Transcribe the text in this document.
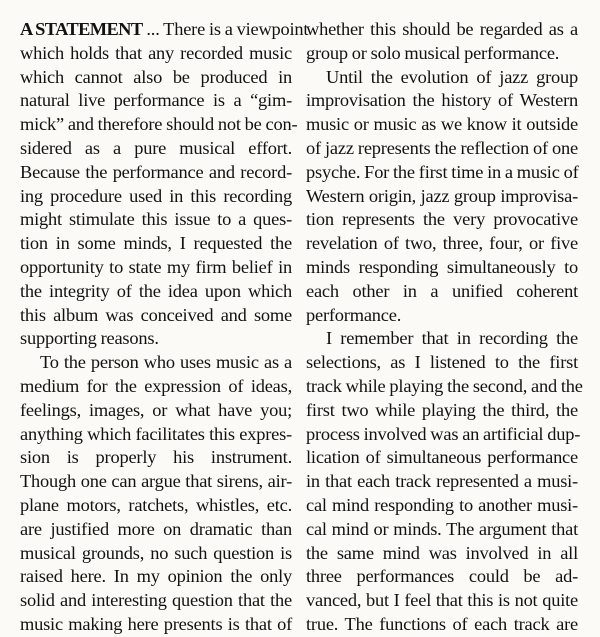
A STATEMENT ... There is a viewpoint
which holds that any recorded music
which cannot also be produced in
natural live performance is a “gim-
mick” and therefore should not be con-
sidered as a pure musical effort.
Because the performance and record-
ing procedure used in this recording
might stimulate this issue to a ques-
tion in some minds, I requested the
opportunity to state my firm belief in
the integrity of the idea upon which
this album was conceived and some
supporting reasons.
To the person who uses music as a
medium for the expression of ideas,
feelings, images, or what have you;
anything which facilitates this expres-
sion is properly his instrument.
Though one can argue that sirens, air-
plane motors, ratchets, whistles, etc.
are justified more on dramatic than
musical grounds, no such question is
raised here. In my opinion the only
solid and interesting question that the
music making here presents is that of
whether this should be regarded as a
group or solo musical performance.
Until the evolution of jazz group
improvisation the history of Western
music or music as we know it outside
of jazz represents the reflection of one
psyche. For the first time in a music of
Western origin, jazz group improvisa-
tion represents the very provocative
revelation of two, three, four, or five
minds responding simultaneously to
each other in a unified coherent
performance.
I remember that in recording the
selections, as I listened to the first
track while playing the second, and the
first two while playing the third, the
process involved was an artificial dup-
lication of simultaneous performance
in that each track represented a musi-
cal mind responding to another musi-
cal mind or minds. The argument that
the same mind was involved in all
three performances could be ad-
vanced, but I feel that this is not quite
true. The functions of each track are
